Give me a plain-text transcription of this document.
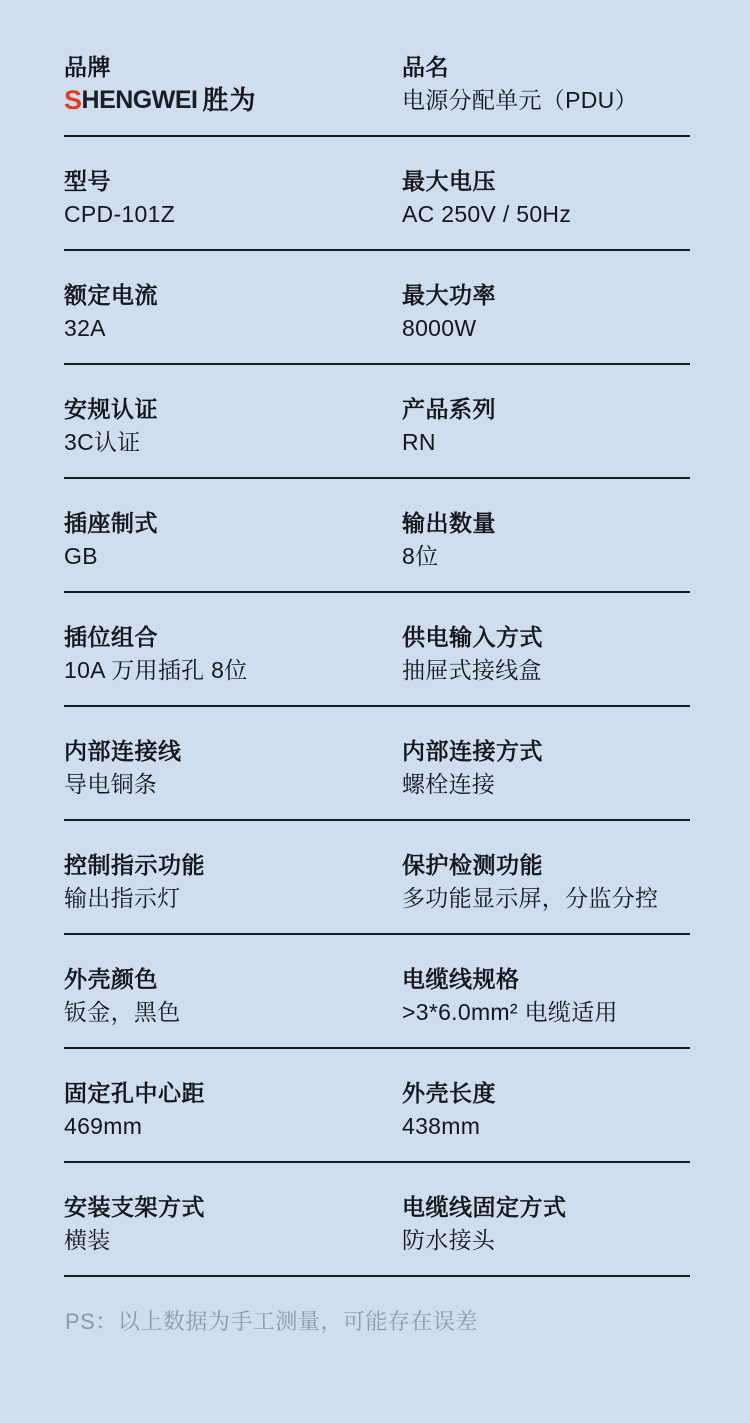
品牌
S HENGWEI 胜为
品名
电源分配单元（PDU）
型号
CPD-101Z
最大电压
AC 250V / 50Hz
额定电流
32A
最大功率
8000W
安规认证
3C认证
产品系列
RN
插座制式
GB
输出数量
8位
插位组合
10A 万用插孔 8位
供电输入方式
抽屉式接线盒
内部连接线
导电铜条
内部连接方式
螺栓连接
控制指示功能
输出指示灯
保护检测功能
多功能显示屏，分监分控
外壳颜色
钣金，黑色
电缆线规格
>3*6.0mm² 电缆适用
固定孔中心距
469mm
外壳长度
438mm
安装支架方式
横装
电缆线固定方式
防水接头
PS：以上数据为手工测量，可能存在误差
